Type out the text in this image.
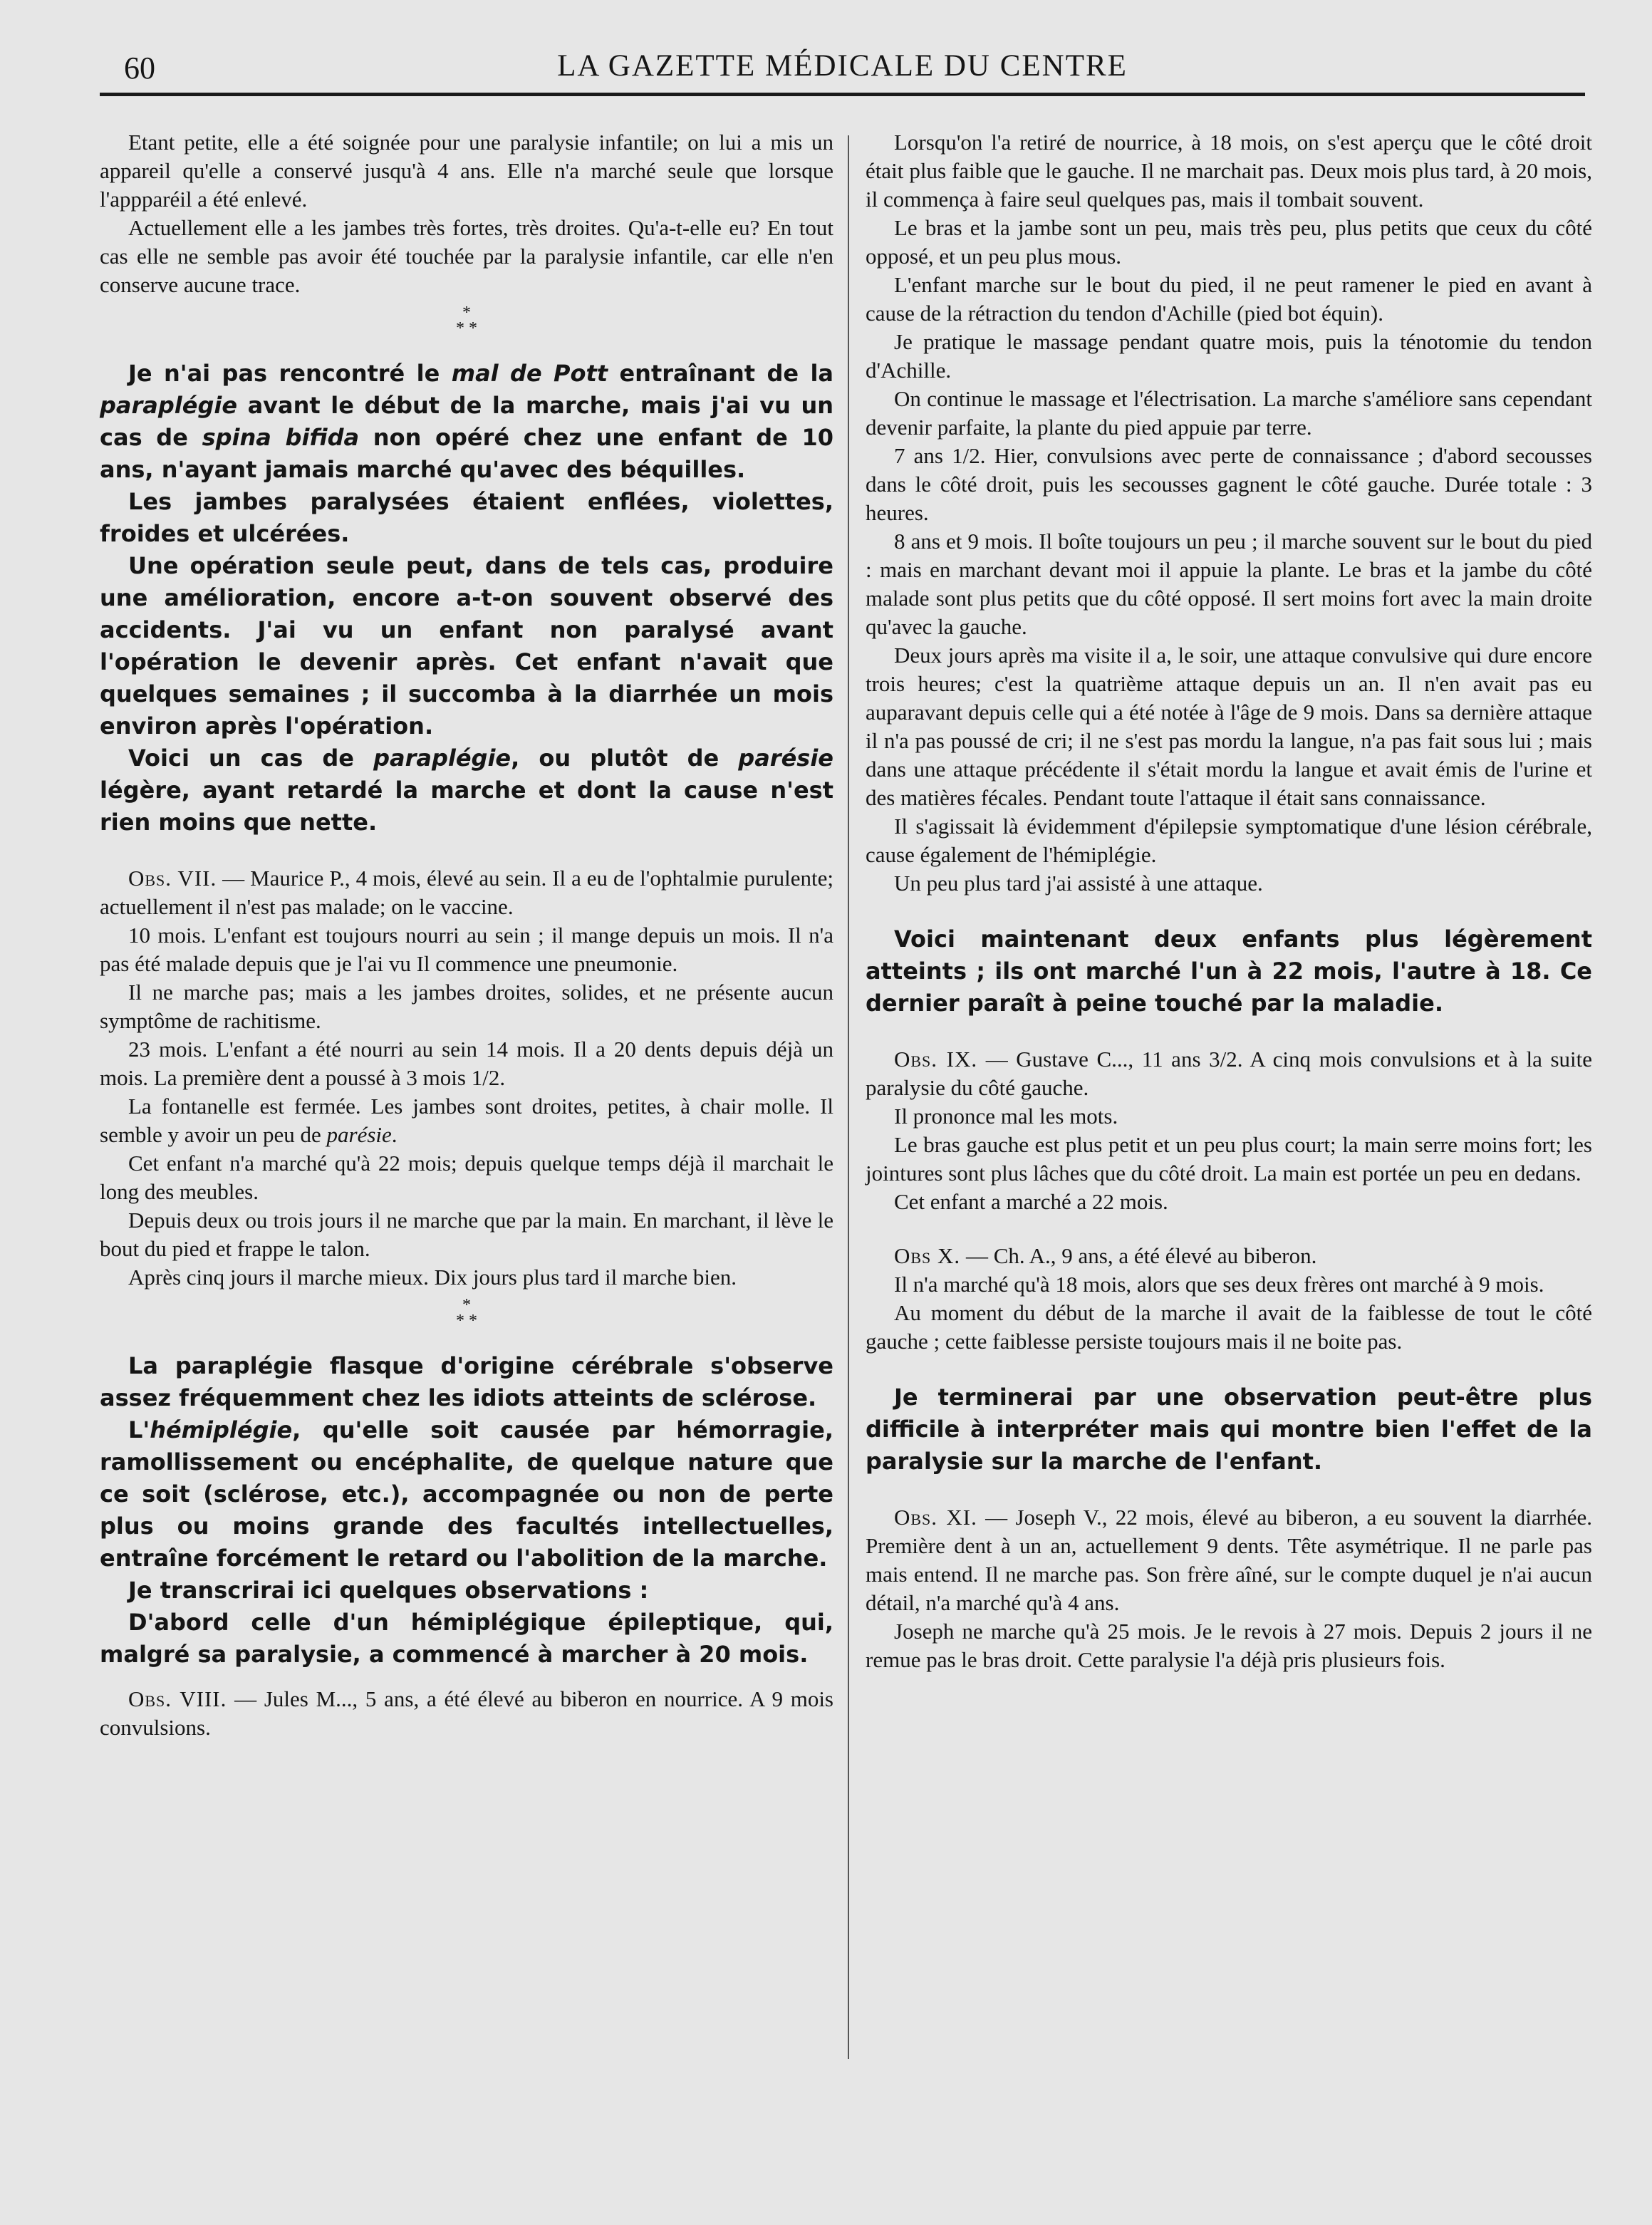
60	LA GAZETTE MÉDICALE DU CENTRE

Etant petite, elle a été soignée pour une paralysie infantile; on lui a mis un appareil qu'elle a conservé jusqu'à 4 ans. Elle n'a marché seule que lorsque l'appparéil a été enlevé.

Actuellement elle a les jambes très fortes, très droites. Qu'a-t-elle eu? En tout cas elle ne semble pas avoir été touchée par la paralysie infantile, car elle n'en conserve aucune trace.

*
* *

Je n'ai pas rencontré le mal de Pott entraînant de la paraplégie avant le début de la marche, mais j'ai vu un cas de spina bifida non opéré chez une enfant de 10 ans, n'ayant jamais marché qu'avec des béquilles.

Les jambes paralysées étaient enflées, violettes, froides et ulcérées.

Une opération seule peut, dans de tels cas, produire une amélioration, encore a-t-on souvent observé des accidents. J'ai vu un enfant non paralysé avant l'opération le devenir après. Cet enfant n'avait que quelques semaines ; il succomba à la diarrhée un mois environ après l'opération.

Voici un cas de paraplégie, ou plutôt de parésie légère, ayant retardé la marche et dont la cause n'est rien moins que nette.

Obs. VII. — Maurice P., 4 mois, élevé au sein. Il a eu de l'ophtalmie purulente; actuellement il n'est pas malade; on le vaccine.

10 mois. L'enfant est toujours nourri au sein ; il mange depuis un mois. Il n'a pas été malade depuis que je l'ai vu Il commence une pneumonie.

Il ne marche pas; mais a les jambes droites, solides, et ne présente aucun symptôme de rachitisme.

23 mois. L'enfant a été nourri au sein 14 mois. Il a 20 dents depuis déjà un mois. La première dent a poussé à 3 mois 1/2.

La fontanelle est fermée. Les jambes sont droites, petites, à chair molle. Il semble y avoir un peu de parésie.

Cet enfant n'a marché qu'à 22 mois; depuis quelque temps déjà il marchait le long des meubles.

Depuis deux ou trois jours il ne marche que par la main. En marchant, il lève le bout du pied et frappe le talon.

Après cinq jours il marche mieux. Dix jours plus tard il marche bien.

*
* *

La paraplégie flasque d'origine cérébrale s'observe assez fréquemment chez les idiots atteints de sclérose.

L'hémiplégie, qu'elle soit causée par hémorragie, ramollissement ou encéphalite, de quelque nature que ce soit (sclérose, etc.), accompagnée ou non de perte plus ou moins grande des facultés intellectuelles, entraîne forcément le retard ou l'abolition de la marche.

Je transcrirai ici quelques observations :

D'abord celle d'un hémiplégique épileptique, qui, malgré sa paralysie, a commencé à marcher à 20 mois.

Obs. VIII. — Jules M..., 5 ans, a été élevé au biberon en nourrice. A 9 mois convulsions.

Lorsqu'on l'a retiré de nourrice, à 18 mois, on s'est aperçu que le côté droit était plus faible que le gauche. Il ne marchait pas. Deux mois plus tard, à 20 mois, il commença à faire seul quelques pas, mais il tombait souvent.

Le bras et la jambe sont un peu, mais très peu, plus petits que ceux du côté opposé, et un peu plus mous.

L'enfant marche sur le bout du pied, il ne peut ramener le pied en avant à cause de la rétraction du tendon d'Achille (pied bot équin).

Je pratique le massage pendant quatre mois, puis la ténotomie du tendon d'Achille.

On continue le massage et l'électrisation. La marche s'améliore sans cependant devenir parfaite, la plante du pied appuie par terre.

7 ans 1/2. Hier, convulsions avec perte de connaissance ; d'abord secousses dans le côté droit, puis les secousses gagnent le côté gauche. Durée totale : 3 heures.

8 ans et 9 mois. Il boîte toujours un peu ; il marche souvent sur le bout du pied : mais en marchant devant moi il appuie la plante. Le bras et la jambe du côté malade sont plus petits que du côté opposé. Il sert moins fort avec la main droite qu'avec la gauche.

Deux jours après ma visite il a, le soir, une attaque convulsive qui dure encore trois heures; c'est la quatrième attaque depuis un an. Il n'en avait pas eu auparavant depuis celle qui a été notée à l'âge de 9 mois. Dans sa dernière attaque il n'a pas poussé de cri; il ne s'est pas mordu la langue, n'a pas fait sous lui ; mais dans une attaque précédente il s'était mordu la langue et avait émis de l'urine et des matières fécales. Pendant toute l'attaque il était sans connaissance.

Il s'agissait là évidemment d'épilepsie symptomatique d'une lésion cérébrale, cause également de l'hémiplégie.

Un peu plus tard j'ai assisté à une attaque.

Voici maintenant deux enfants plus légèrement atteints ; ils ont marché l'un à 22 mois, l'autre à 18. Ce dernier paraît à peine touché par la maladie.

Obs. IX. — Gustave C..., 11 ans 3/2. A cinq mois convulsions et à la suite paralysie du côté gauche.

Il prononce mal les mots.

Le bras gauche est plus petit et un peu plus court; la main serre moins fort; les jointures sont plus lâches que du côté droit. La main est portée un peu en dedans.

Cet enfant a marché a 22 mois.

Obs X. — Ch. A., 9 ans, a été élevé au biberon.

Il n'a marché qu'à 18 mois, alors que ses deux frères ont marché à 9 mois.

Au moment du début de la marche il avait de la faiblesse de tout le côté gauche ; cette faiblesse persiste toujours mais il ne boite pas.

Je terminerai par une observation peut-être plus difficile à interpréter mais qui montre bien l'effet de la paralysie sur la marche de l'enfant.

Obs. XI. — Joseph V., 22 mois, élevé au biberon, a eu souvent la diarrhée. Première dent à un an, actuellement 9 dents. Tête asymétrique. Il ne parle pas mais entend. Il ne marche pas. Son frère aîné, sur le compte duquel je n'ai aucun détail, n'a marché qu'à 4 ans.

Joseph ne marche qu'à 25 mois. Je le revois à 27 mois. Depuis 2 jours il ne remue pas le bras droit. Cette paralysie l'a déjà pris plusieurs fois.
